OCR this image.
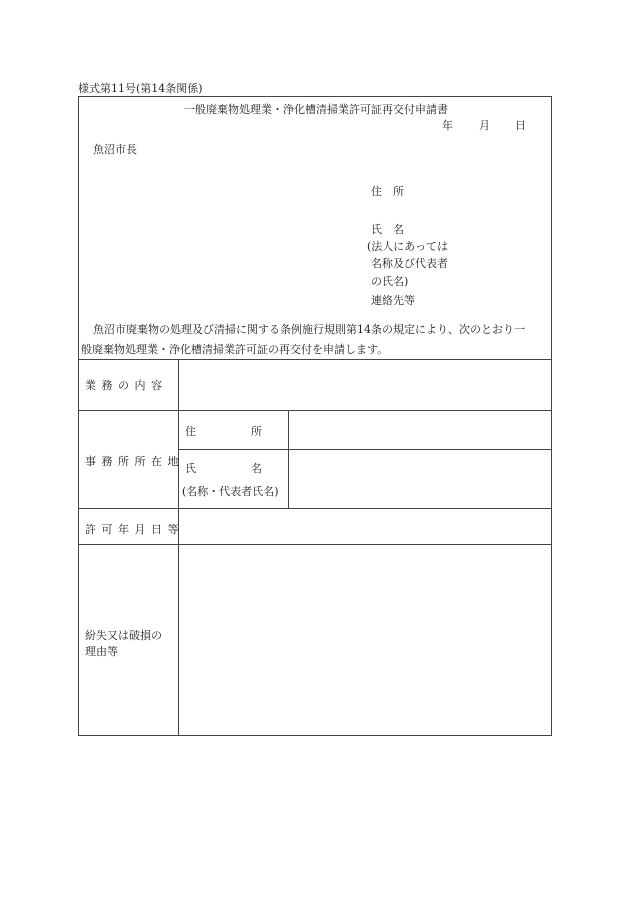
様式第11号(第14条関係)
一般廃棄物処理業・浄化槽清掃業許可証再交付申請書
年 月 日
魚沼市長
住　所
氏　名
(法人にあっては
名称及び代表者
の氏名)
連絡先等
魚沼市廃棄物の処理及び清掃に関する条例施行規則第14条の規定により、次のとおり一
般廃棄物処理業・浄化槽清掃業許可証の再交付を申請します。
業 務 の 内 容
事 務 所 所 在 地
住　　　　　所
氏　　　　　名
(名称・代表者氏名)
許 可 年 月 日 等
紛失又は破損の
理由等
